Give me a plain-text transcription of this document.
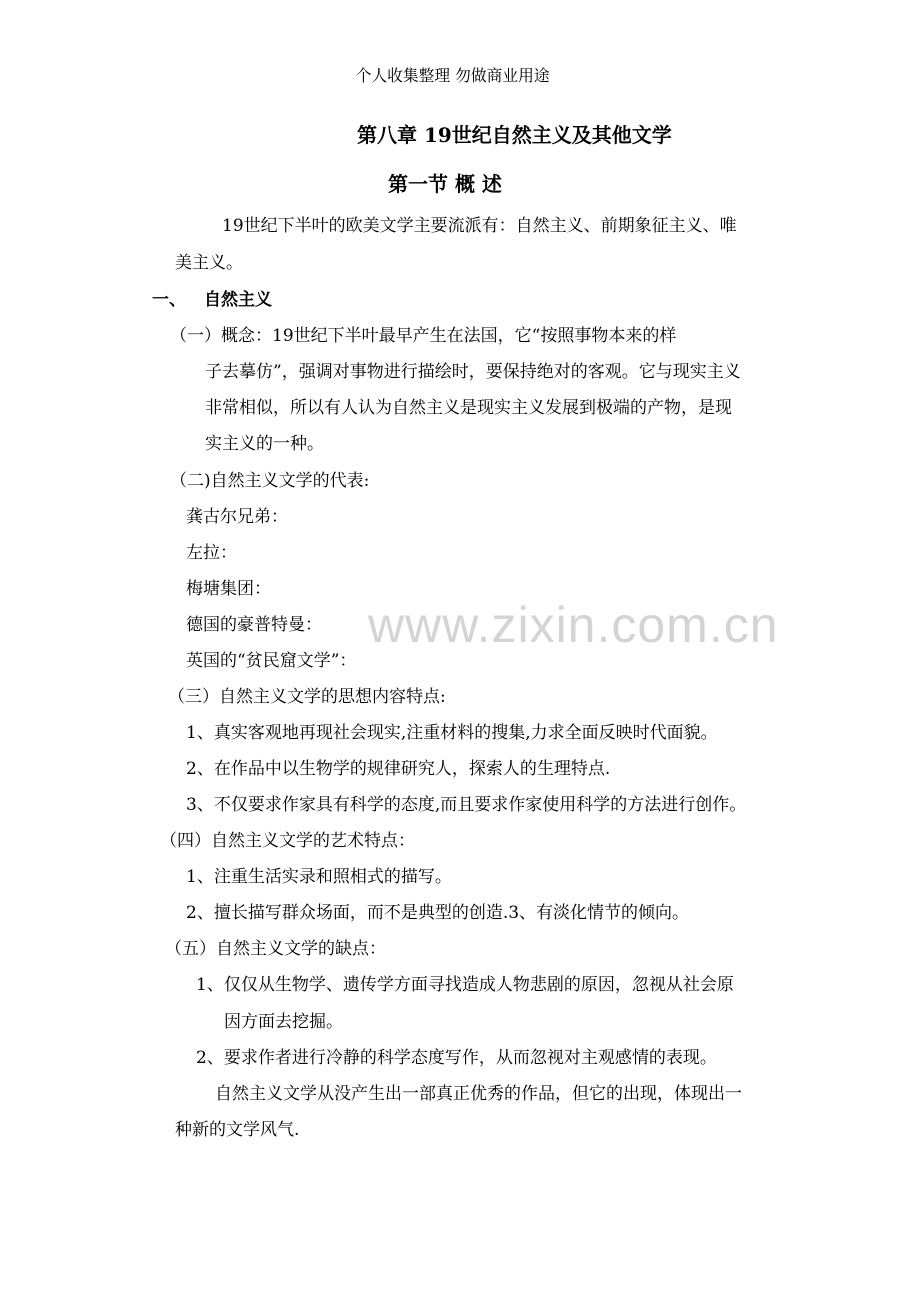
个人收集整理 勿做商业用途
第八章 19世纪自然主义及其他文学
第一节 概 述
19世纪下半叶的欧美文学主要流派有：自然主义、前期象征主义、唯
美主义。
一、 自然主义
（一）概念：19世纪下半叶最早产生在法国，它“按照事物本来的样
子去摹仿”，强调对事物进行描绘时，要保持绝对的客观。它与现实主义
非常相似，所以有人认为自然主义是现实主义发展到极端的产物，是现
实主义的一种。
（二)自然主义文学的代表:
龚古尔兄弟：
左拉：
梅塘集团：
德国的豪普特曼：
英国的“贫民窟文学”：
（三）自然主义文学的思想内容特点:
1、真实客观地再现社会现实,注重材料的搜集,力求全面反映时代面貌。
2、在作品中以生物学的规律研究人，探索人的生理特点.
3、不仅要求作家具有科学的态度,而且要求作家使用科学的方法进行创作。
（四）自然主义文学的艺术特点：
1、注重生活实录和照相式的描写。
2、擅长描写群众场面，而不是典型的创造.3、有淡化情节的倾向。
（五）自然主义文学的缺点：
1、仅仅从生物学、遗传学方面寻找造成人物悲剧的原因，忽视从社会原
因方面去挖掘。
2、要求作者进行冷静的科学态度写作，从而忽视对主观感情的表现。
自然主义文学从没产生出一部真正优秀的作品，但它的出现，体现出一
种新的文学风气.
www.zixin.com.cn
